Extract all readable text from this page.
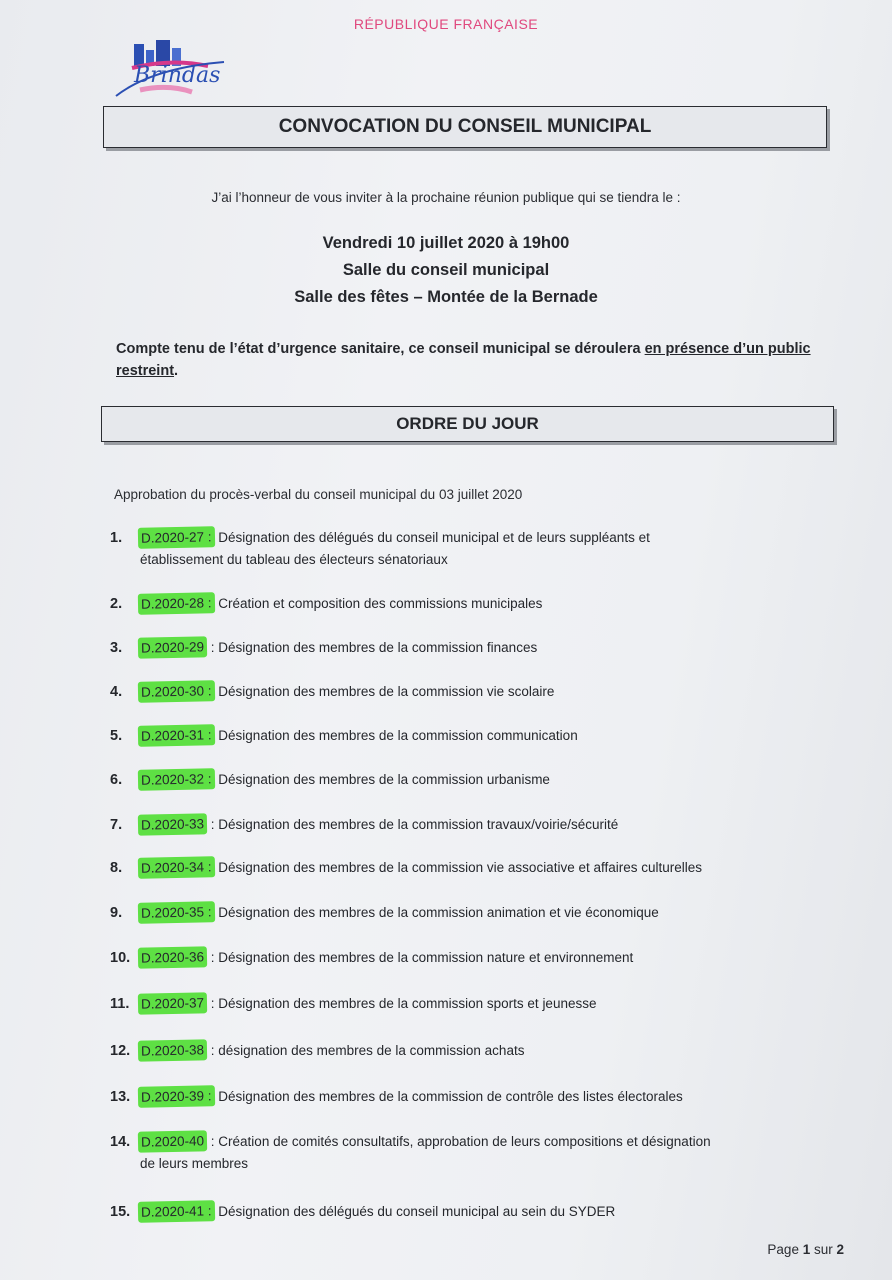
RÉPUBLIQUE FRANÇAISE
Brindas
CONVOCATION DU CONSEIL MUNICIPAL
J’ai l’honneur de vous inviter à la prochaine réunion publique qui se tiendra le :
Vendredi 10 juillet 2020 à 19h00
Salle du conseil municipal
Salle des fêtes – Montée de la Bernade
Compte tenu de l’état d’urgence sanitaire, ce conseil municipal se déroulera en présence d’un public restreint.
ORDRE DU JOUR
Approbation du procès-verbal du conseil municipal du 03 juillet 2020
1. D.2020-27 : Désignation des délégués du conseil municipal et de leurs suppléants et
établissement du tableau des électeurs sénatoriaux
2. D.2020-28 : Création et composition des commissions municipales
3. D.2020-29 : Désignation des membres de la commission finances
4. D.2020-30 : Désignation des membres de la commission vie scolaire
5. D.2020-31 : Désignation des membres de la commission communication
6. D.2020-32 : Désignation des membres de la commission urbanisme
7. D.2020-33 : Désignation des membres de la commission travaux/voirie/sécurité
8. D.2020-34 : Désignation des membres de la commission vie associative et affaires culturelles
9. D.2020-35 : Désignation des membres de la commission animation et vie économique
10. D.2020-36 : Désignation des membres de la commission nature et environnement
11. D.2020-37 : Désignation des membres de la commission sports et jeunesse
12. D.2020-38 : désignation des membres de la commission achats
13. D.2020-39 : Désignation des membres de la commission de contrôle des listes électorales
14. D.2020-40 : Création de comités consultatifs, approbation de leurs compositions et désignation
de leurs membres
15. D.2020-41 : Désignation des délégués du conseil municipal au sein du SYDER
Page 1 sur 2
